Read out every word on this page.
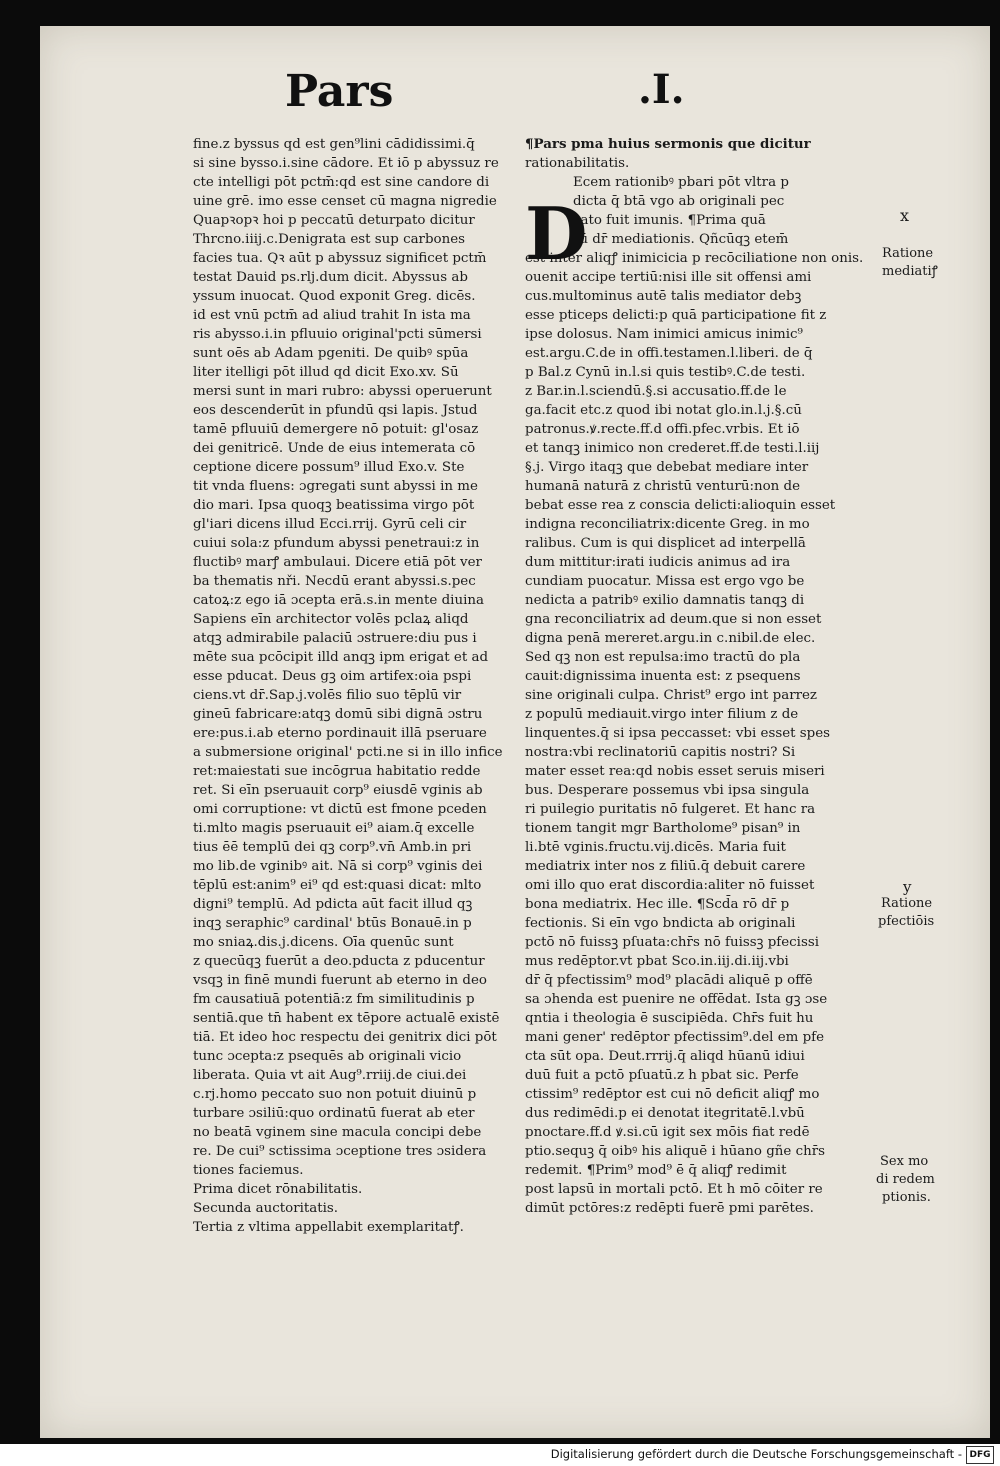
Pars	.I.
fine.z byssus qd est gen⁹lini cādidissimi.q̄
si sine bysso.i.sine cādore. Et iō p abyssuz re
cte intelligi pōt pctm̄:qd est sine candore di
uine grē. imo esse censet cū magna nigredie
Quapꝛopꝛ hoi p peccatū deturpato dicitur
Thrcno.iiij.c.Denigrata est sup carbones
facies tua. Qꝛ aūt p abyssuz significet pctm̄
testat Dauid ps.rlj.dum dicit. Abyssus ab
yssum inuocat. Quod exponit Greg. dicēs.
id est vnū pctm̄ ad aliud trahit In ista ma
ris abysso.i.in pfluuio original'pcti sūmersi
sunt oēs ab Adam pgeniti. De quibꝰ spūa
liter itelligi pōt illud qd dicit Exo.xv. Sū
mersi sunt in mari rubro: abyssi operuerunt
eos descenderūt in pfundū qsi lapis. Jstud
tamē pfluuiū demergere nō potuit: gl'osaz
dei genitricē. Unde de eius intemerata cō
ceptione dicere possum⁹ illud Exo.v. Ste
tit vnda fluens: ɔgregati sunt abyssi in me
dio mari. Ipsa quoqꝫ beatissima virgo pōt
gl'iari dicens illud Ecci.rrij. Gyrū celi cir
cuiui sola:z pfundum abyssi penetraui:z in
fluctibꝰ marꝭ ambulaui. Dicere etiā pōt ver
ba thematis nři. Necdū erant abyssi.s.pec
catoꝝ:z ego iā ɔcepta erā.s.in mente diuina
Sapiens eīn architector volēs pclaꝝ aliqd
atqꝫ admirabile palaciū ɔstruere:diu pus i
mēte sua pcōcipit illd anqꝫ ipm erigat et ad
esse pducat. Deus gꝫ oim artifex:oia pspi
ciens.vt dr̄.Sap.j.volēs filio suo tēplū vir
gineū fabricare:atqꝫ domū sibi dignā ɔstru
ere:pus.i.ab eterno pordinauit illā pseruare
a submersione original' pcti.ne si in illo infice
ret:maiestati sue incōgrua habitatio redde
ret. Si eīn pseruauit corp⁹ eiusdē vginis ab
omi corruptione: vt dictū est fmone pceden
ti.mlto magis pseruauit ei⁹ aiam.q̄ excelle
tius ēē templū dei qꝫ corp⁹.vn̄ Amb.in pri
mo lib.de vginibꝰ ait. Nā si corp⁹ vginis dei
tēplū est:anim⁹ ei⁹ qd est:quasi dicat: mlto
digni⁹ templū. Ad pdicta aūt facit illud qꝫ
inqꝫ seraphic⁹ cardinal' btūs Bonauē.in p
mo sniaꝝ.dis.j.dicens. Oīa quenūc sunt
z quecūqꝫ fuerūt a deo.pducta z pducentur
vsqꝫ in finē mundi fuerunt ab eterno in deo
fm causatiuā potentiā:z fm similitudinis p
sentiā.que tn̄ habent ex tēpore actualē existē
tiā. Et ideo hoc respectu dei genitrix dici pōt
tunc ɔcepta:z psequēs ab originali vicio
liberata. Quia vt ait Aug⁹.rriij.de ciui.dei
c.rj.homo peccato suo non potuit diuinū p
turbare ɔsiliū:quo ordinatū fuerat ab eter
no beatā vginem sine macula concipi debe
re. De cui⁹ sctissima ɔceptione tres ɔsidera
tiones faciemus.
Prima dicet rōnabilitatis.
Secunda auctoritatis.
Tertia z vltima appellabit exemplaritatꝭ.
¶Pars pma huius sermonis que dicitur
rationabilitatis.
Ecem rationibꝰ pbari pōt vltra p
dicta q̄ btā vgo ab originali pec
cato fuit imunis. ¶Prima quā
rū dr̄ mediationis. Qñcūqꝫ etem̄
est inter aliqꝭ inimicicia p recōciliatione non onis.
ouenit accipe tertiū:nisi ille sit offensi ami
cus.multominus autē talis mediator debꝫ
esse pticeps delicti:p quā participatione fit z
ipse dolosus. Nam inimici amicus inimic⁹
est.argu.C.de in offi.testamen.l.liberi. de q̄
p Bal.z Cynū in.l.si quis testibꝰ.C.de testi.
z Bar.in.l.sciendū.§.si accusatio.ff.de le
ga.facit etc.z quod ibi notat glo.in.l.j.§.cū
patronus.ꝟ.recte.ff.d offi.pfec.vrbis. Et iō
et tanqꝫ inimico non crederet.ff.de testi.l.iij
§.j. Virgo itaqꝫ que debebat mediare inter
humanā naturā z christū venturū:non de
bebat esse rea z conscia delicti:alioquin esset
indigna reconciliatrix:dicente Greg. in mo
ralibus. Cum is qui displicet ad interpellā
dum mittitur:irati iudicis animus ad ira
cundiam puocatur. Missa est ergo vgo be
nedicta a patribꝰ exilio damnatis tanqꝫ di
gna reconciliatrix ad deum.que si non esset
digna penā mereret.argu.in c.nibil.de elec.
Sed qꝫ non est repulsa:imo tractū do pla
cauit:dignissima inuenta est: z psequens
sine originali culpa. Christ⁹ ergo int parrez
z populū mediauit.virgo inter filium z de
linquentes.q̄ si ipsa peccasset: vbi esset spes
nostra:vbi reclinatoriū capitis nostri? Si
mater esset rea:qd nobis esset seruis miseri
bus. Desperare possemus vbi ipsa singula
ri puilegio puritatis nō fulgeret. Et hanc ra
tionem tangit mgr Bartholome⁹ pisan⁹ in
li.btē vginis.fructu.vij.dicēs. Maria fuit
mediatrix inter nos z filiū.q̄ debuit carere
omi illo quo erat discordia:aliter nō fuisset
bona mediatrix. Hec ille. ¶Scd̄a rō dr̄ p
fectionis. Si eīn vgo bndicta ab originali
pctō nō fuissꝫ pſuata:chr̄s nō fuissꝫ pfecissi
mus redēptor.vt pbat Sco.in.iij.di.iij.vbi
dr̄ q̄ pfectissim⁹ mod⁹ placādi aliquē p offē
sa ɔhenda est puenire ne offēdat. Ista gꝫ ɔse
qntia i theologia ē suscipiēda. Chr̄s fuit hu
mani gener' redēptor pfectissim⁹.del em pfe
cta sūt opa. Deut.rrrij.q̄ aliqd hūanū idiui
duū fuit a pctō pſuatū.z h pbat sic. Perfe
ctissim⁹ redēptor est cui nō deficit aliqꝭ mo
dus redimēdi.p ei denotat itegritatē.l.vbū
pnoctare.ff.d ꝟ.si.cū igit sex mōis fiat redē
ptio.sequꝫ q̄ oibꝰ his aliquē i hūano gñe chr̄s
redemit. ¶Prim⁹ mod⁹ ē q̄ aliqꝭ redimit
post lapsū in mortali pctō. Et h mō cōiter re
dimūt pctōres:z redēpti fuerē pmi parētes.
D	x
Ratione
mediatiꝭ
y
Ratione
pfectiōis
Sex mo
di redem
ptionis.
Digitalisierung gefördert durch die Deutsche Forschungsgemeinschaft - DFG
